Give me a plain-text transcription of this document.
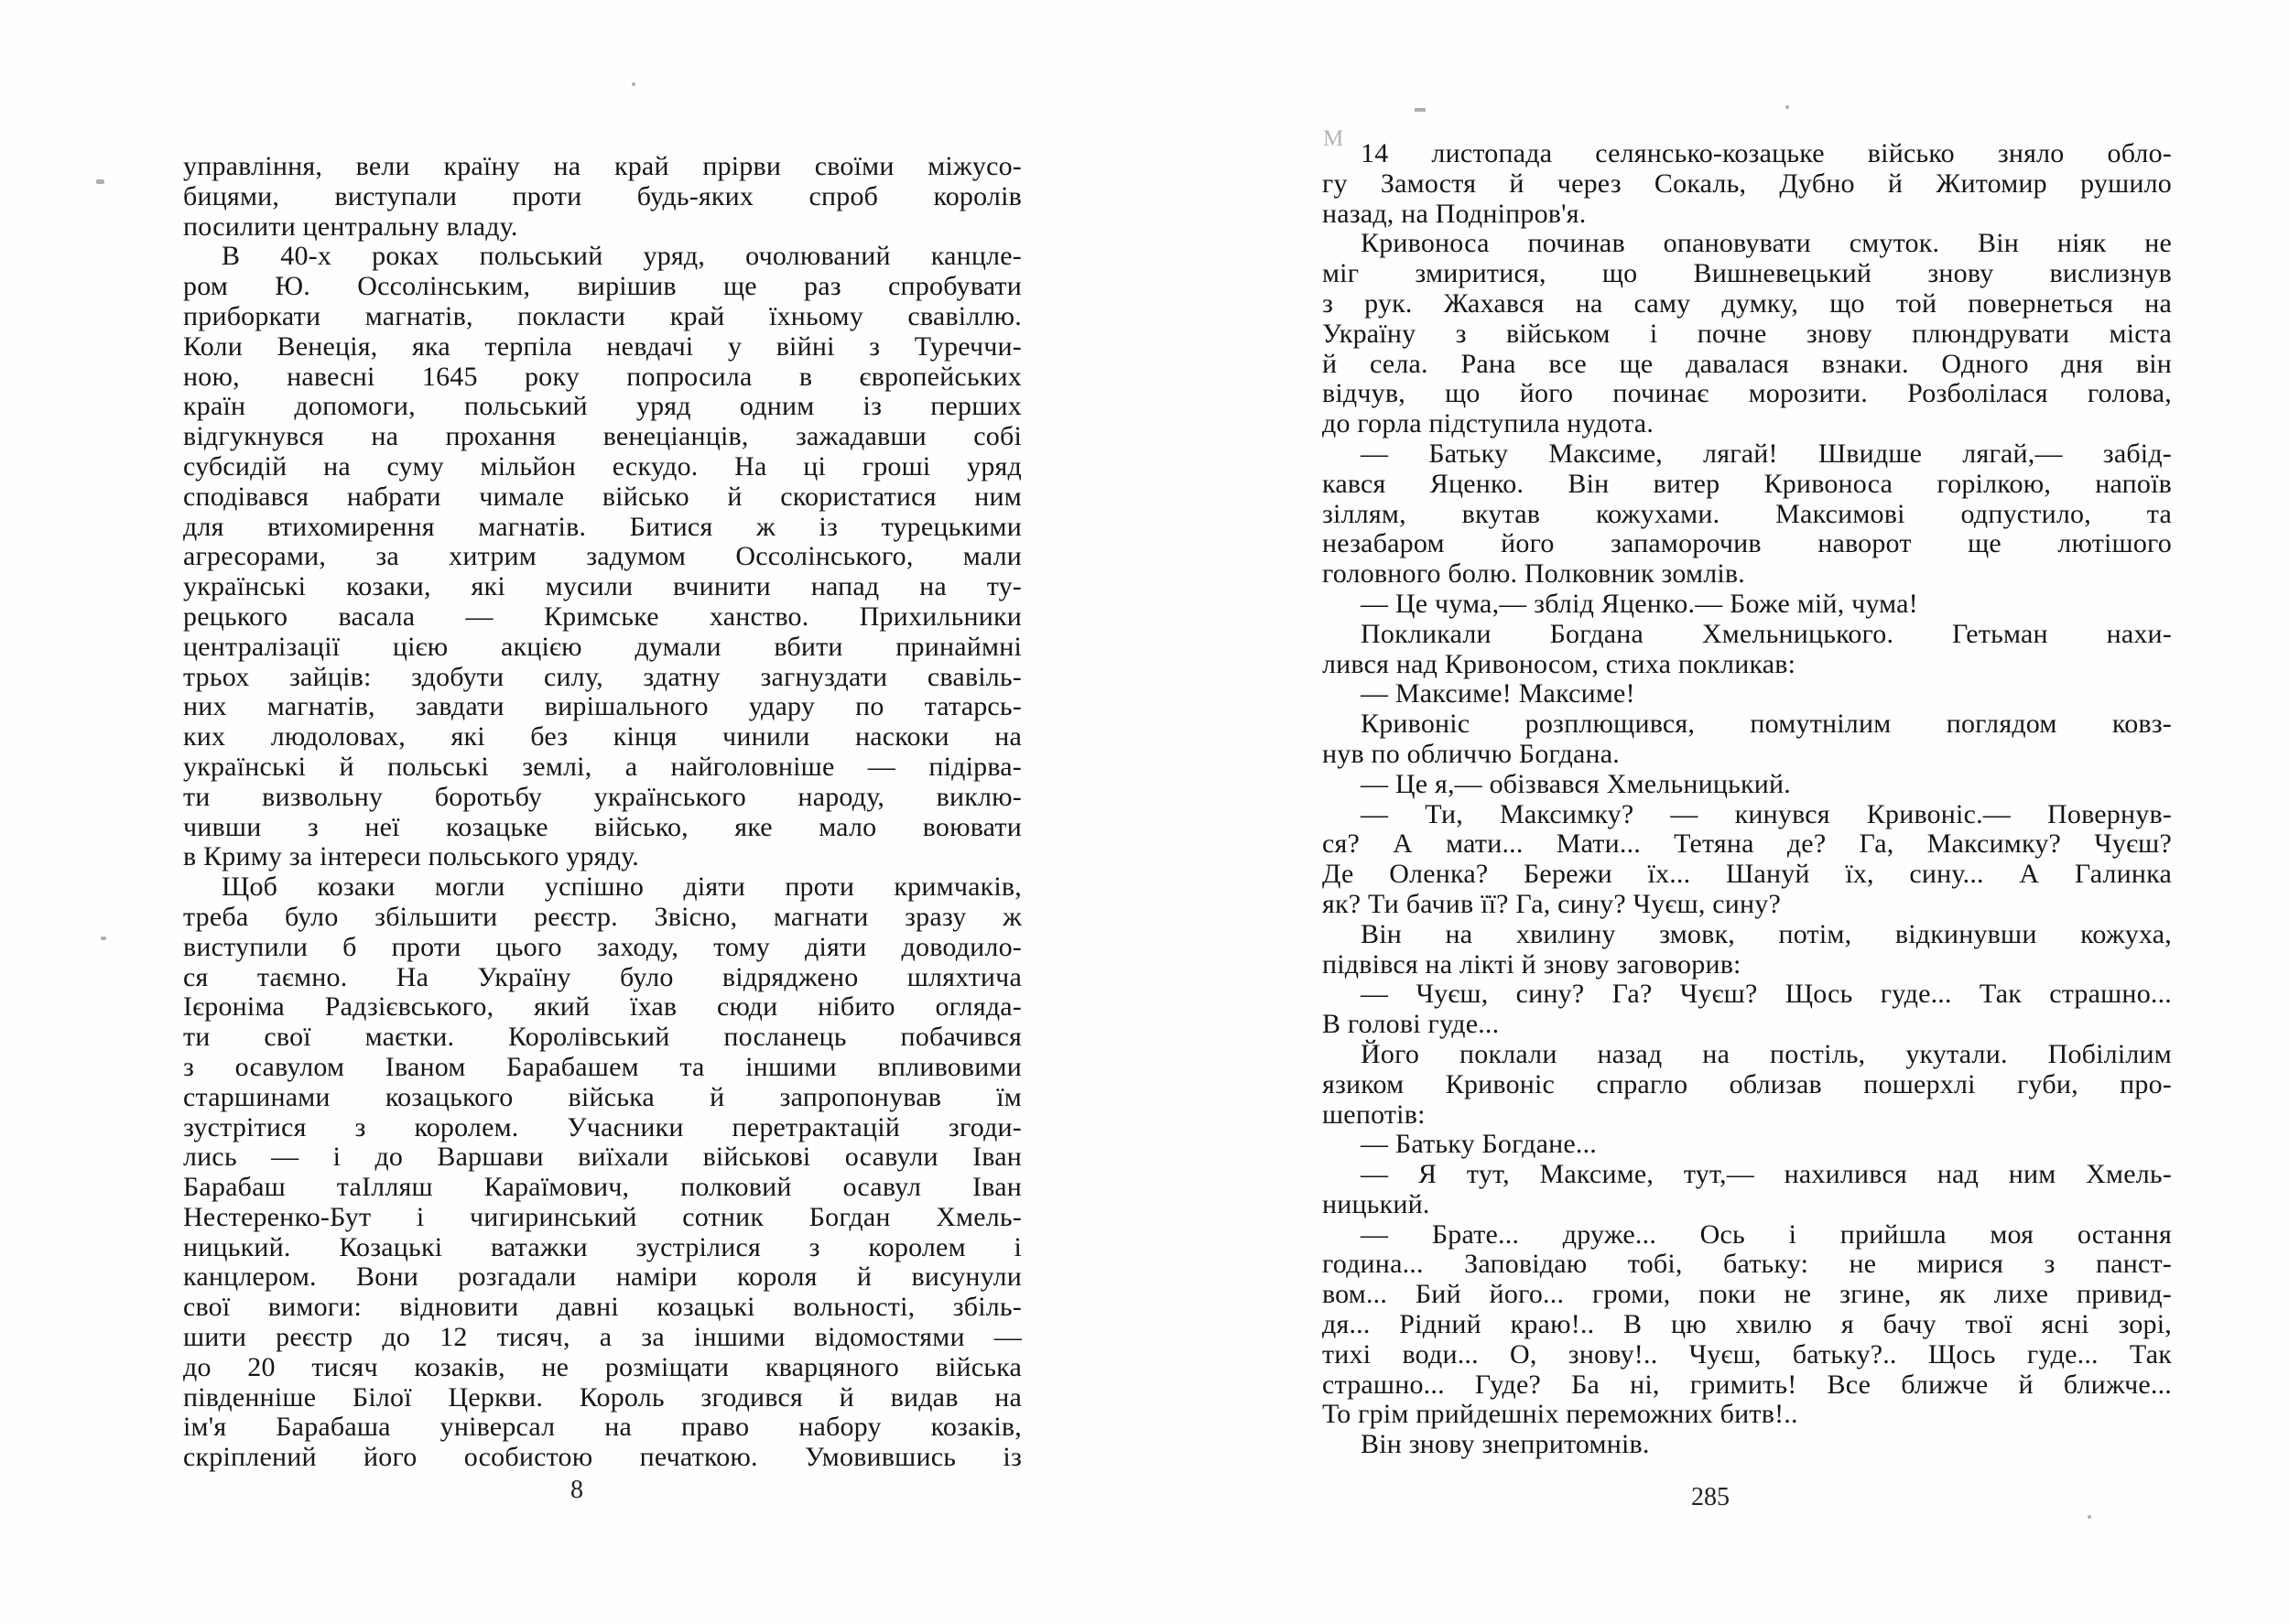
М
управління, вели країну на край прірви своїми міжусо-
бицями, виступали проти будь-яких спроб королів
посилити центральну владу.
В 40-х роках польський уряд, очолюваний канцле-
ром Ю. Оссолінським, вирішив ще раз спробувати
приборкати магнатів, покласти край їхньому свавіллю.
Коли Венеція, яка терпіла невдачі у війні з Туреччи-
ною, навесні 1645 року попросила в європейських
країн допомоги, польський уряд одним із перших
відгукнувся на прохання венеціанців, зажадавши собі
субсидій на суму мільйон ескудо. На ці гроші уряд
сподівався набрати чимале військо й скористатися ним
для втихомирення магнатів. Битися ж із турецькими
агресорами, за хитрим задумом Оссолінського, мали
українські козаки, які мусили вчинити напад на ту-
рецького васала — Кримське ханство. Прихильники
централізації цією акцією думали вбити принаймні
трьох зайців: здобути силу, здатну загнуздати свавіль-
них магнатів, завдати вирішального удару по татарсь-
ких людоловах, які без кінця чинили наскоки на
українські й польські землі, а найголовніше — підірва-
ти визвольну боротьбу українського народу, виклю-
чивши з неї козацьке військо, яке мало воювати
в Криму за інтереси польського уряду.
Щоб козаки могли успішно діяти проти кримчаків,
треба було збільшити реєстр. Звісно, магнати зразу ж
виступили б проти цього заходу, тому діяти доводило-
ся таємно. На Україну було відряджено шляхтича
Ієроніма Радзієвського, який їхав сюди нібито огляда-
ти свої маєтки. Королівський посланець побачився
з осавулом Іваном Барабашем та іншими впливовими
старшинами козацького війська й запропонував їм
зустрітися з королем. Учасники перетрактацій згоди-
лись — і до Варшави виїхали військові осавули Іван
Барабаш таІлляш Караїмович, полковий осавул Іван
Нестеренко-Бут і чигиринський сотник Богдан Хмель-
ницький. Козацькі ватажки зустрілися з королем і
канцлером. Вони розгадали наміри короля й висунули
свої вимоги: відновити давні козацькі вольності, збіль-
шити реєстр до 12 тисяч, а за іншими відомостями —
до 20 тисяч козаків, не розміщати кварцяного війська
південніше Білої Церкви. Король згодився й видав на
ім'я Барабаша універсал на право набору козаків,
скріплений його особистою печаткою. Умовившись із
14 листопада селянсько-козацьке військо зняло обло-
гу Замостя й через Сокаль, Дубно й Житомир рушило
назад, на Подніпров'я.
Кривоноса починав опановувати смуток. Він ніяк не
міг змиритися, що Вишневецький знову вислизнув
з рук. Жахався на саму думку, що той повернеться на
Україну з військом і почне знову плюндрувати міста
й села. Рана все ще давалася взнаки. Одного дня він
відчув, що його починає морозити. Розболілася голова,
до горла підступила нудота.
— Батьку Максиме, лягай! Швидше лягай,— забід-
кався Яценко. Він витер Кривоноса горілкою, напоїв
зіллям, вкутав кожухами. Максимові одпустило, та
незабаром його запаморочив наворот ще лютішого
головного болю. Полковник зомлів.
— Це чума,— зблід Яценко.— Боже мій, чума!
Покликали Богдана Хмельницького. Гетьман нахи-
лився над Кривоносом, стиха покликав:
— Максиме! Максиме!
Кривоніс розплющився, помутнілим поглядом ковз-
нув по обличчю Богдана.
— Це я,— обізвався Хмельницький.
— Ти, Максимку? — кинувся Кривоніс.— Повернув-
ся? А мати... Мати... Тетяна де? Га, Максимку? Чуєш?
Де Оленка? Бережи їх... Шануй їх, сину... А Галинка
як? Ти бачив її? Га, сину? Чуєш, сину?
Він на хвилину змовк, потім, відкинувши кожуха,
підвівся на лікті й знову заговорив:
— Чуєш, сину? Га? Чуєш? Щось гуде... Так страшно...
В голові гуде...
Його поклали назад на постіль, укутали. Побілілим
язиком Кривоніс спрагло облизав пошерхлі губи, про-
шепотів:
— Батьку Богдане...
— Я тут, Максиме, тут,— нахилився над ним Хмель-
ницький.
— Брате... друже... Ось і прийшла моя остання
година... Заповідаю тобі, батьку: не мирися з панст-
вом... Бий його... громи, поки не згине, як лихе привид-
дя... Рідний краю!.. В цю хвилю я бачу твої ясні зорі,
тихі води... О, знову!.. Чуєш, батьку?.. Щось гуде... Так
страшно... Гуде? Ба ні, гримить! Все ближче й ближче...
То грім прийдешніх переможних битв!..
Він знову знепритомнів.
8	285
